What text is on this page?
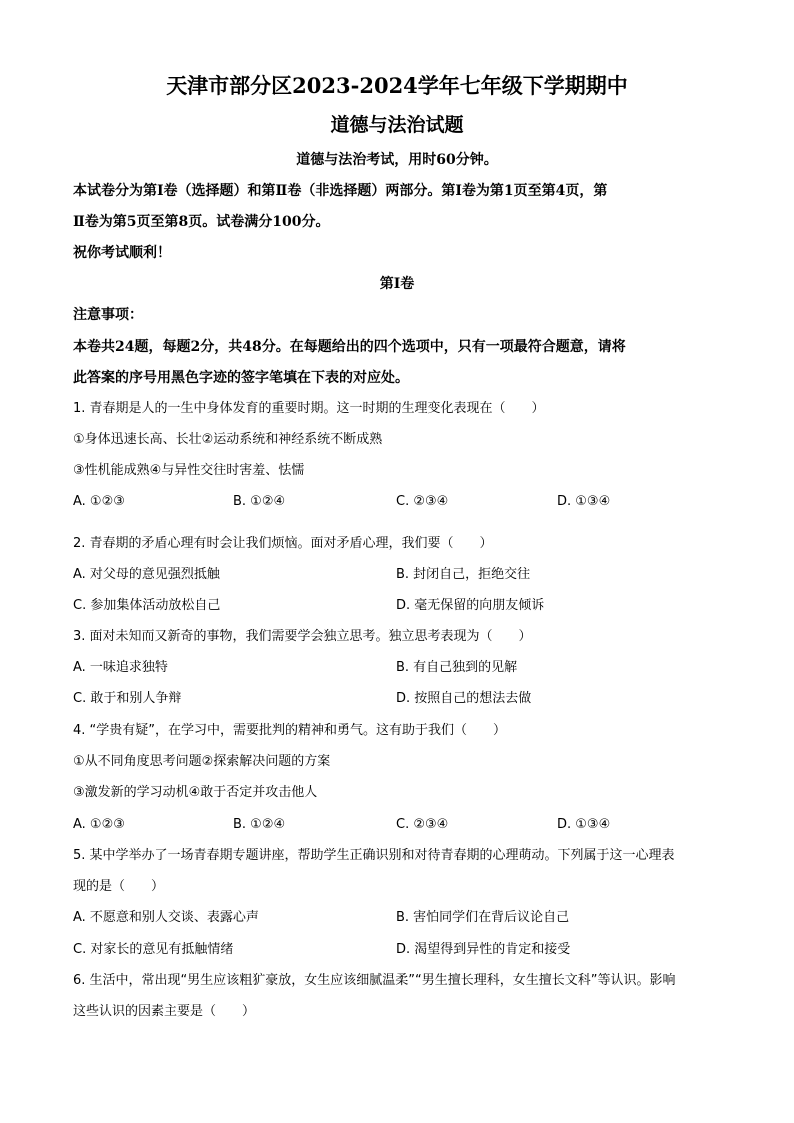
天津市部分区2023-2024学年七年级下学期期中
道德与法治试题
道德与法治考试，用时60分钟。
本试卷分为第Ⅰ卷（选择题）和第Ⅱ卷（非选择题）两部分。第Ⅰ卷为第1页至第4页，第
Ⅱ卷为第5页至第8页。试卷满分100分。
祝你考试顺利！
第Ⅰ卷
注意事项：
本卷共24题，每题2分，共48分。在每题给出的四个选项中，只有一项最符合题意，请将
此答案的序号用黑色字迹的签字笔填在下表的对应处。
1. 青春期是人的一生中身体发育的重要时期。这一时期的生理变化表现在（　　）
①身体迅速长高、长壮②运动系统和神经系统不断成熟
③性机能成熟④与异性交往时害羞、怯懦
A. ①②③	B. ①②④	C. ②③④	D. ①③④
2. 青春期的矛盾心理有时会让我们烦恼。面对矛盾心理，我们要（　　）
A. 对父母的意见强烈抵触	B. 封闭自己，拒绝交往
C. 参加集体活动放松自己	D. 毫无保留的向朋友倾诉
3. 面对未知而又新奇的事物，我们需要学会独立思考。独立思考表现为（　　）
A. 一味追求独特	B. 有自己独到的见解
C. 敢于和别人争辩	D. 按照自己的想法去做
4. “学贵有疑”，在学习中，需要批判的精神和勇气。这有助于我们（　　）
①从不同角度思考问题②探索解决问题的方案
③激发新的学习动机④敢于否定并攻击他人
A. ①②③	B. ①②④	C. ②③④	D. ①③④
5. 某中学举办了一场青春期专题讲座，帮助学生正确识别和对待青春期的心理萌动。下列属于这一心理表
现的是（　　）
A. 不愿意和别人交谈、表露心声	B. 害怕同学们在背后议论自己
C. 对家长的意见有抵触情绪	D. 渴望得到异性的肯定和接受
6. 生活中，常出现“男生应该粗犷豪放，女生应该细腻温柔”“男生擅长理科，女生擅长文科”等认识。影响
这些认识的因素主要是（　　）
